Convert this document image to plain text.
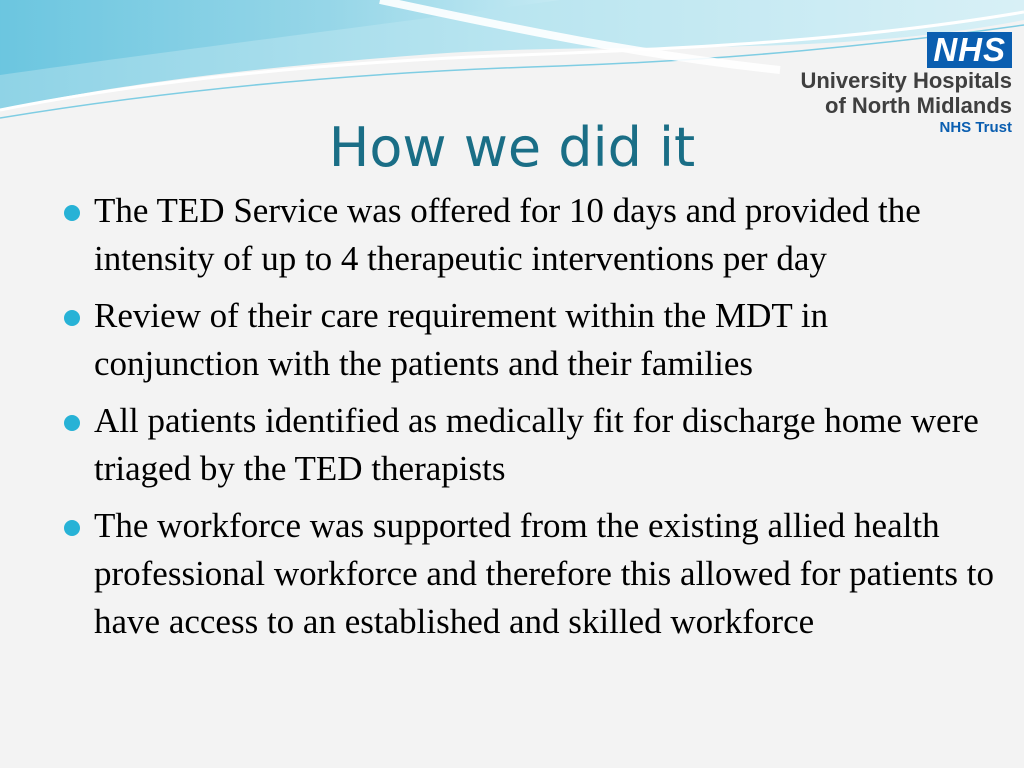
NHS
University Hospitals
of North Midlands
NHS Trust
How we did it
The TED Service was offered for 10 days and provided the intensity of up to 4 therapeutic interventions per day
Review of their care requirement within the MDT in conjunction with the patients and their families
All patients identified as medically fit for discharge home were triaged by the TED therapists
The workforce was supported from the existing allied health professional workforce and therefore this allowed for patients to have access to an established and skilled workforce
